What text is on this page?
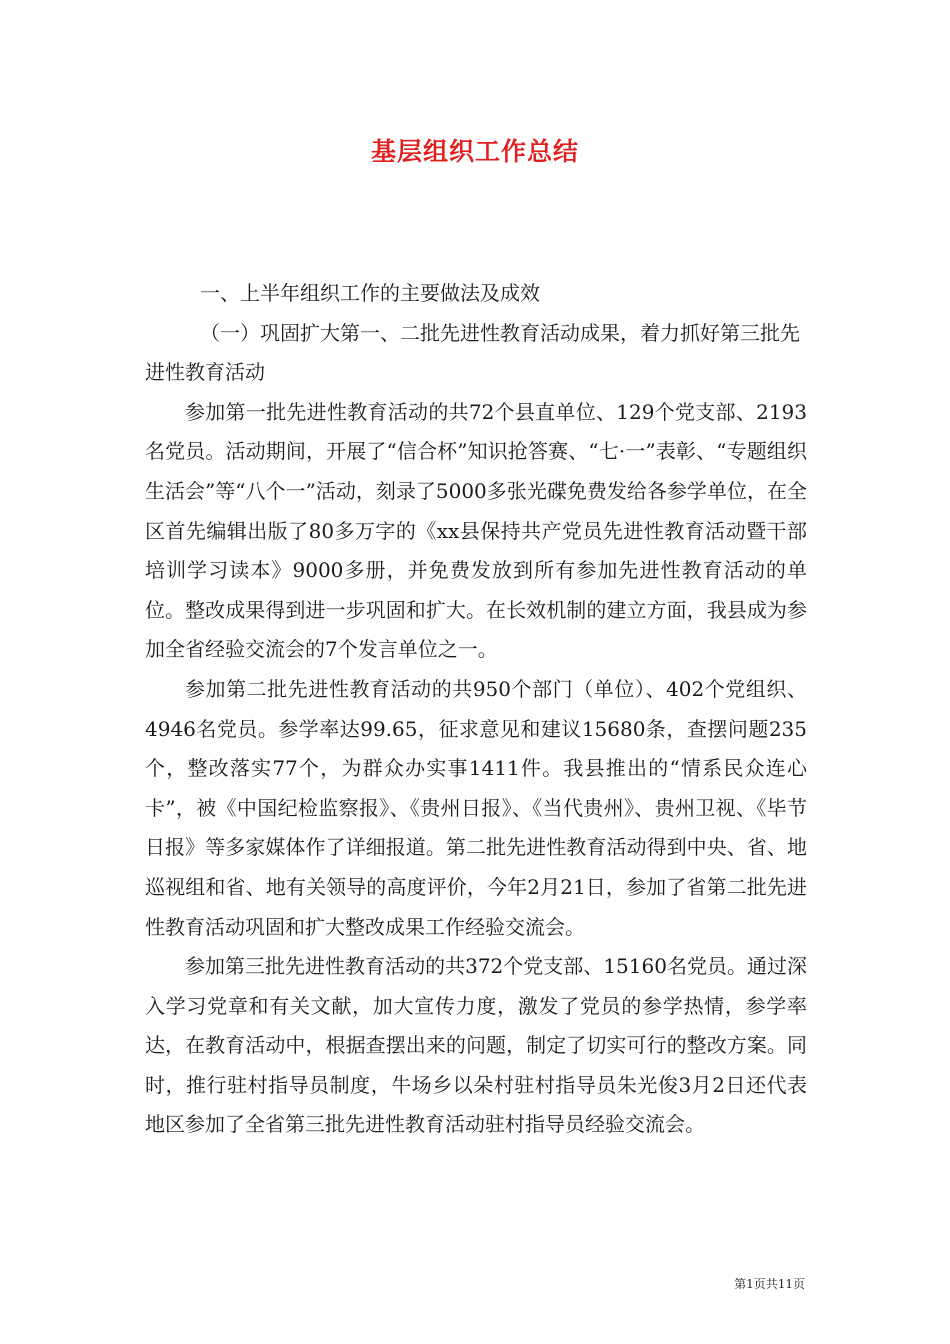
基层组织工作总结

一、上半年组织工作的主要做法及成效

（一）巩固扩大第一、二批先进性教育活动成果，着力抓好第三批先进性教育活动

参加第一批先进性教育活动的共72个县直单位、129个党支部、2193名党员。活动期间，开展了“信合杯”知识抢答赛、“七·一”表彰、“专题组织生活会”等“八个一”活动，刻录了5000多张光碟免费发给各参学单位，在全区首先编辑出版了80多万字的《xx县保持共产党员先进性教育活动暨干部培训学习读本》9000多册，并免费发放到所有参加先进性教育活动的单位。整改成果得到进一步巩固和扩大。在长效机制的建立方面，我县成为参加全省经验交流会的7个发言单位之一。

参加第二批先进性教育活动的共950个部门（单位）、402个党组织、4946名党员。参学率达99.65，征求意见和建议15680条，查摆问题235个，整改落实77个，为群众办实事1411件。我县推出的“情系民众连心卡”，被《中国纪检监察报》、《贵州日报》、《当代贵州》、贵州卫视、《毕节日报》等多家媒体作了详细报道。第二批先进性教育活动得到中央、省、地巡视组和省、地有关领导的高度评价，今年2月21日，参加了省第二批先进性教育活动巩固和扩大整改成果工作经验交流会。

参加第三批先进性教育活动的共372个党支部、15160名党员。通过深入学习党章和有关文献，加大宣传力度，激发了党员的参学热情，参学率达，在教育活动中，根据查摆出来的问题，制定了切实可行的整改方案。同时，推行驻村指导员制度，牛场乡以朵村驻村指导员朱光俊3月2日还代表地区参加了全省第三批先进性教育活动驻村指导员经验交流会。

第1页共11页
